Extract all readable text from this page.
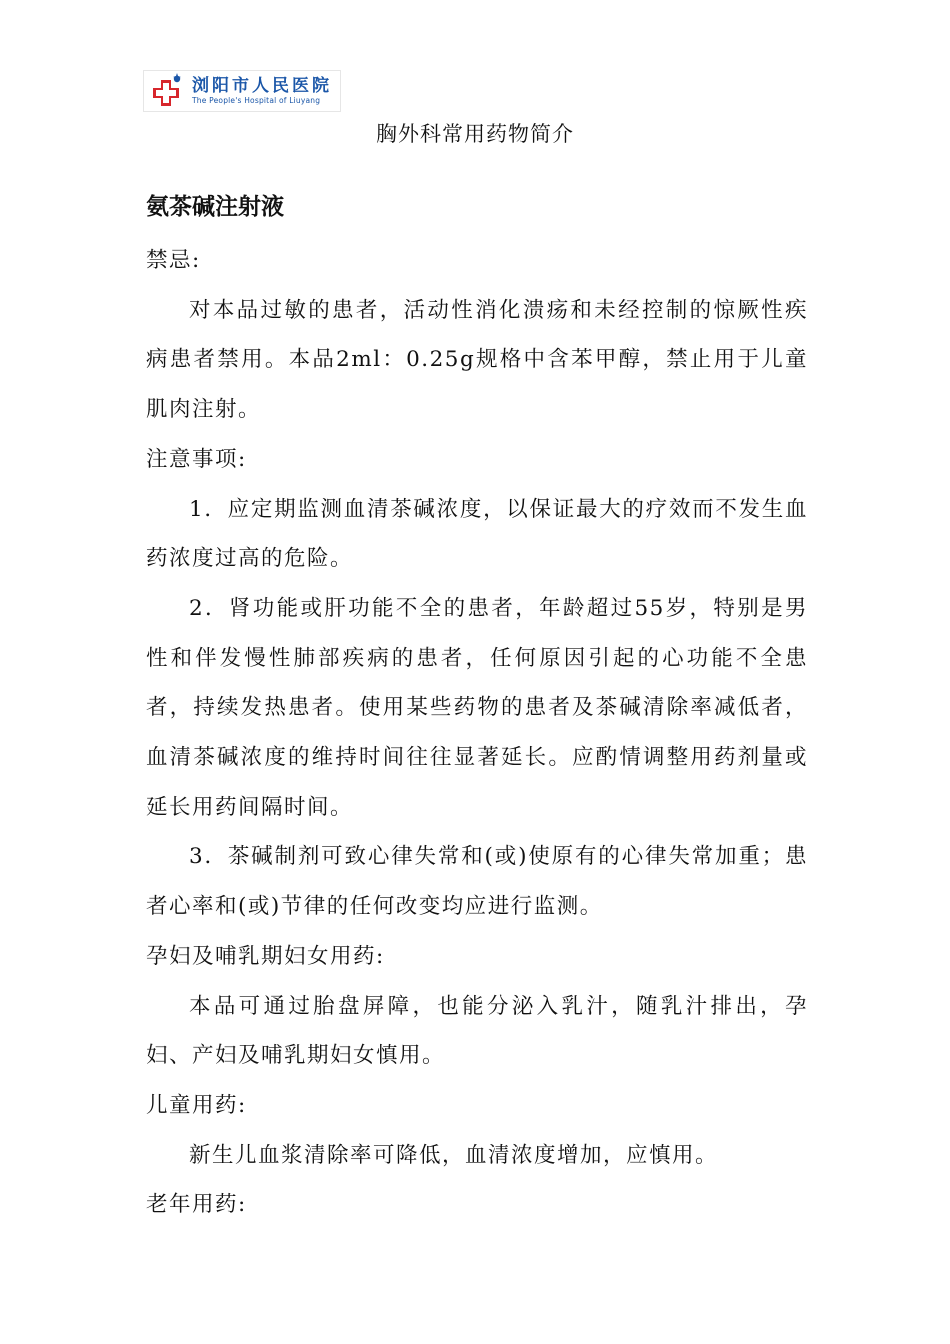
浏阳市人民医院
The People's Hospital of Liuyang
胸外科常用药物简介
氨茶碱注射液

禁忌:

对本品过敏的患者，活动性消化溃疡和未经控制的惊厥性疾病患者禁用。本品2ml：0.25g规格中含苯甲醇，禁止用于儿童肌肉注射。

注意事项:

1．应定期监测血清茶碱浓度，以保证最大的疗效而不发生血药浓度过高的危险。

2．肾功能或肝功能不全的患者，年龄超过55岁，特别是男性和伴发慢性肺部疾病的患者，任何原因引起的心功能不全患者，持续发热患者。使用某些药物的患者及茶碱清除率减低者，血清茶碱浓度的维持时间往往显著延长。应酌情调整用药剂量或延长用药间隔时间。

3．茶碱制剂可致心律失常和(或)使原有的心律失常加重；患者心率和(或)节律的任何改变均应进行监测。

孕妇及哺乳期妇女用药:

本品可通过胎盘屏障，也能分泌入乳汁，随乳汁排出，孕妇、产妇及哺乳期妇女慎用。

儿童用药:

新生儿血浆清除率可降低，血清浓度增加，应慎用。

老年用药:
